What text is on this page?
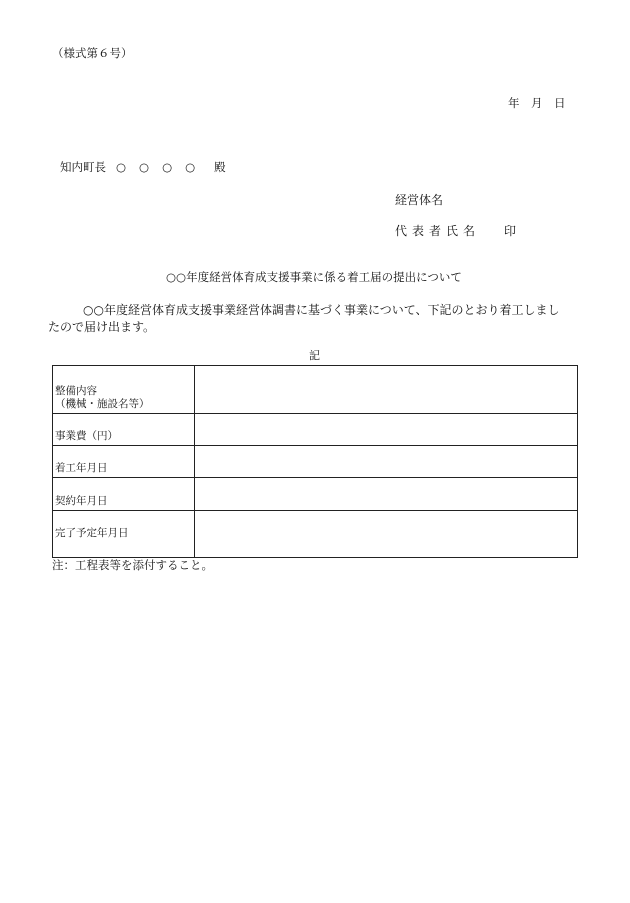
（様式第６号）
年　月　日
知内町長 ○○○○ 殿
経営体名
代表者氏名 印
○○年度経営体育成支援事業に係る着工届の提出について
○○年度経営体育成支援事業経営体調書に基づく事業について、下記のとおり着工しまし
たので届け出ます。
記
整備内容
（機械・施設名等）	

事業費（円）	
着工年月日	
契約年月日	
完了予定年月日	
注：工程表等を添付すること。
